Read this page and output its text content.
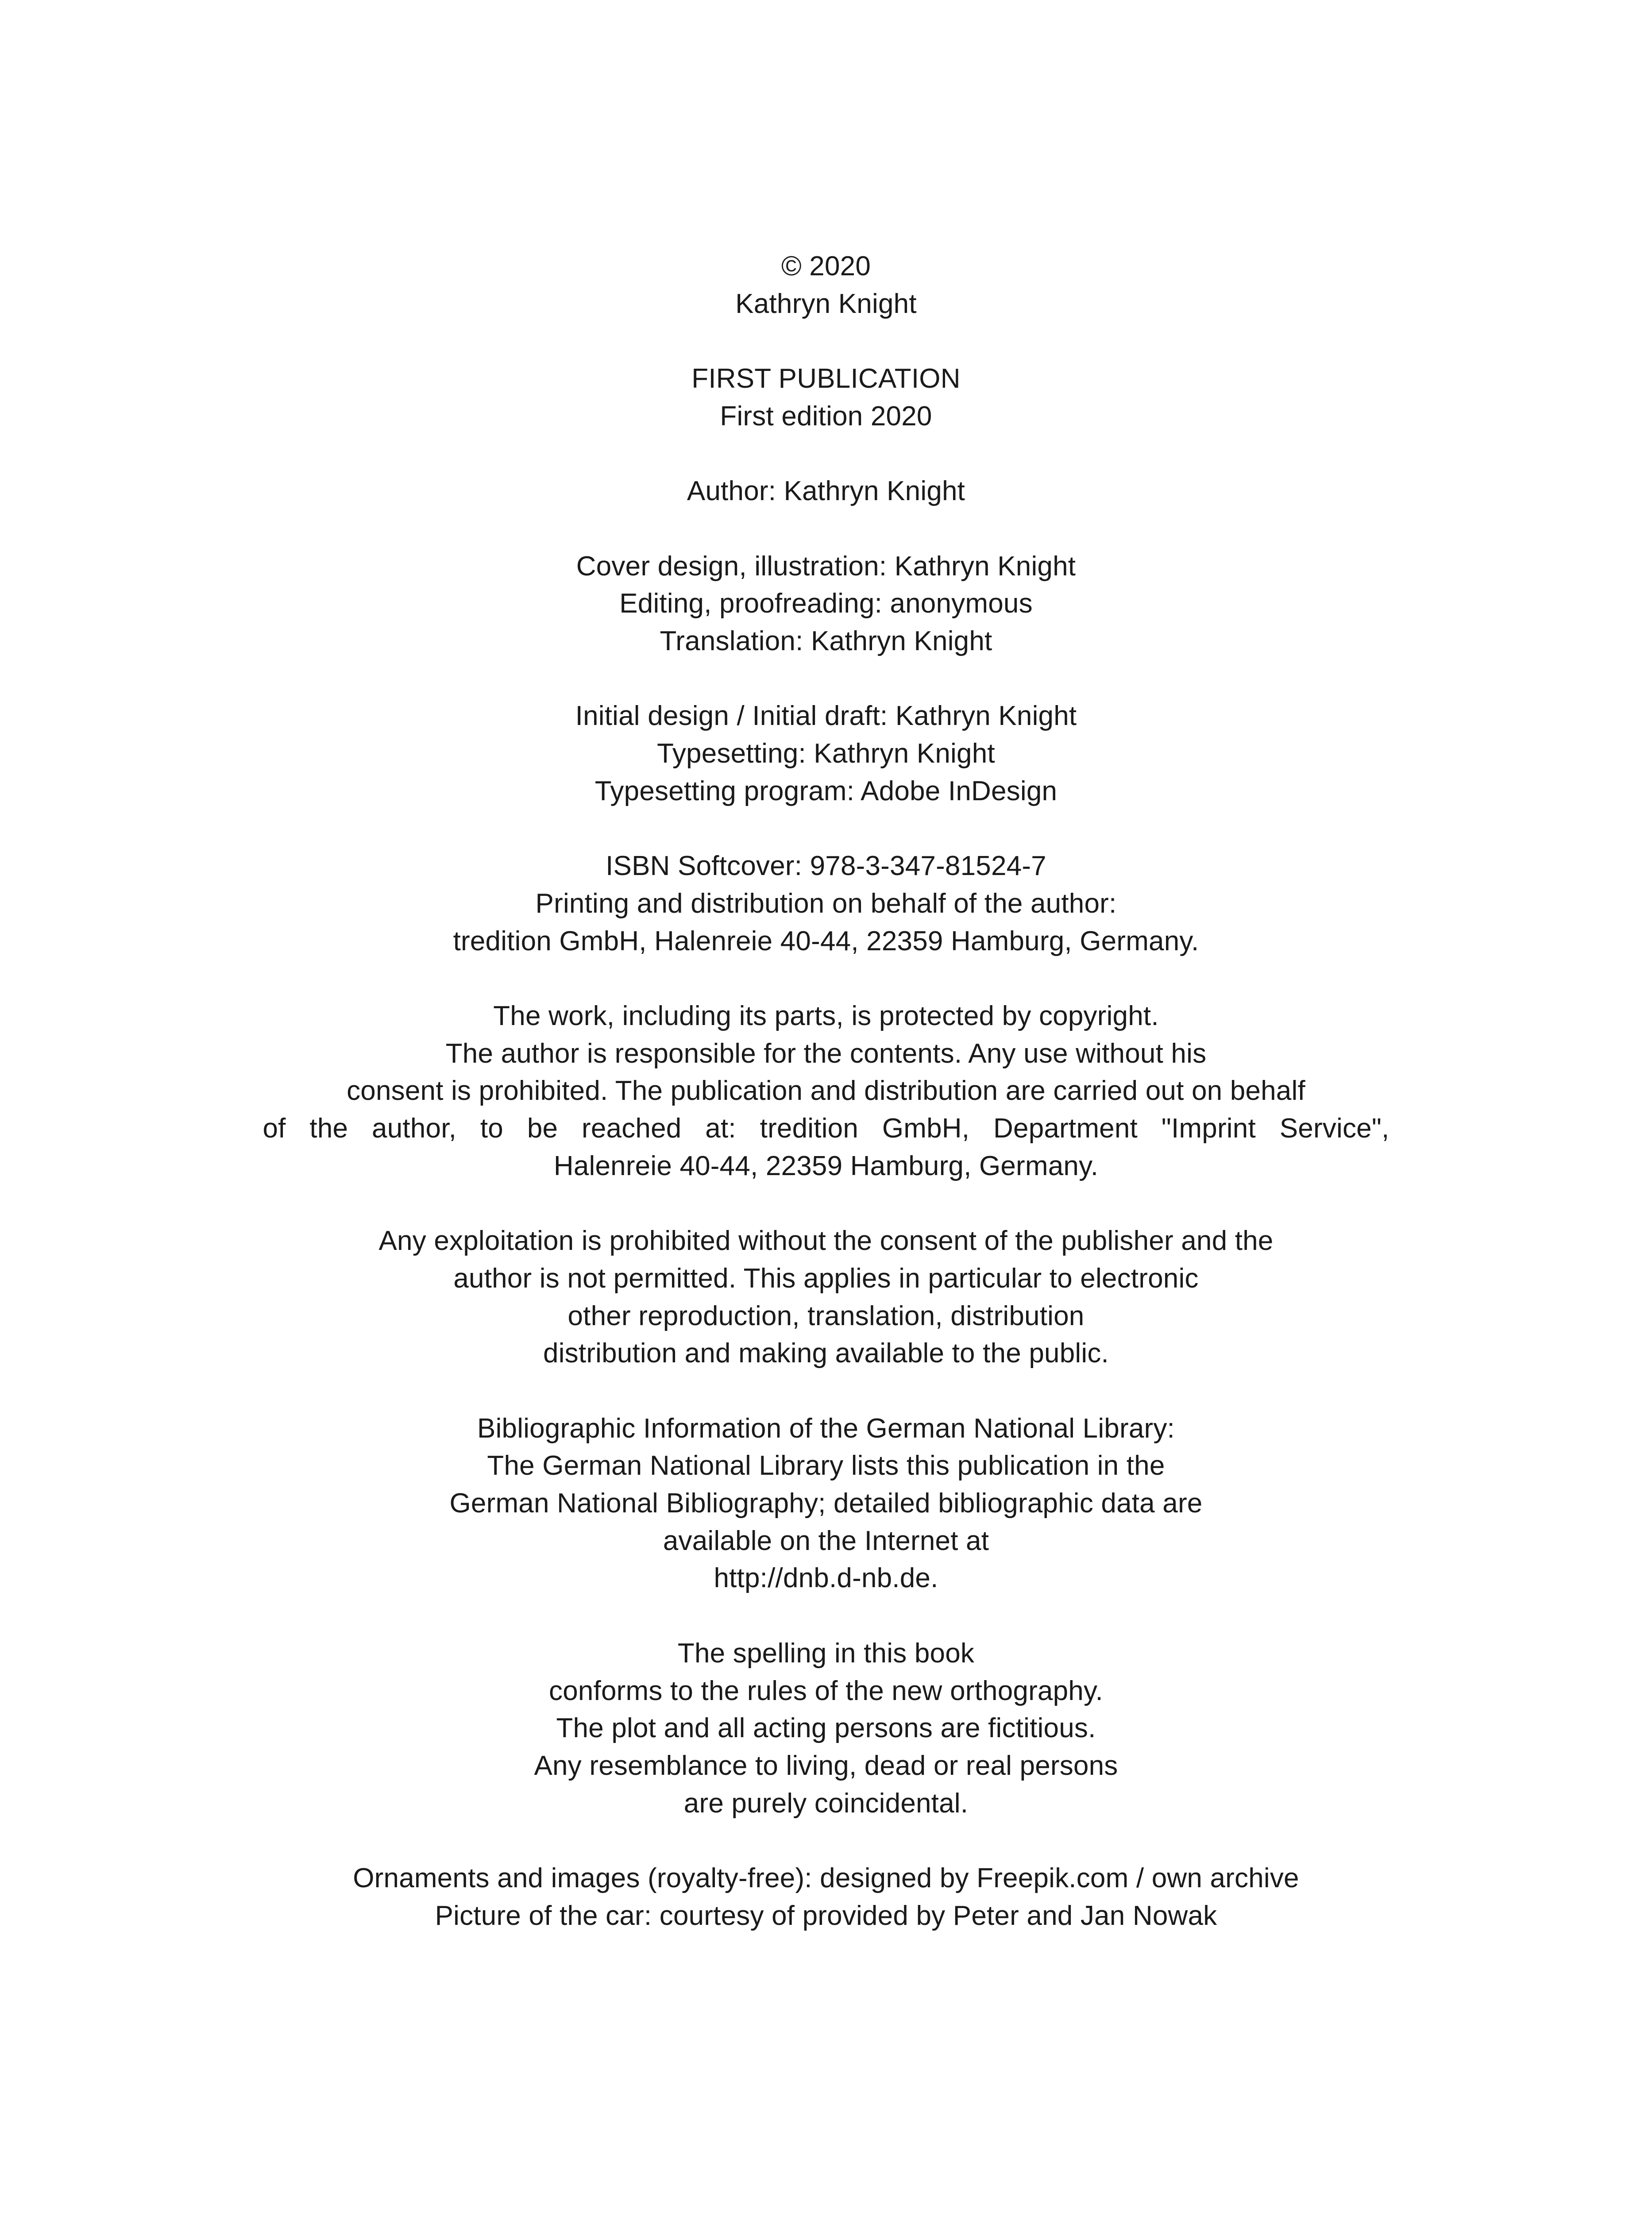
© 2020
Kathryn Knight
FIRST PUBLICATION
First edition 2020
Author: Kathryn Knight
Cover design, illustration: Kathryn Knight
Editing, proofreading: anonymous
Translation: Kathryn Knight
Initial design / Initial draft: Kathryn Knight
Typesetting: Kathryn Knight
Typesetting program: Adobe InDesign
ISBN Softcover: 978-3-347-81524-7
Printing and distribution on behalf of the author:
tredition GmbH, Halenreie 40-44, 22359 Hamburg, Germany.
The work, including its parts, is protected by copyright.
The author is responsible for the contents. Any use without his
consent is prohibited. The publication and distribution are carried out on behalf
of the author, to be reached at: tredition GmbH, Department "Imprint Service",
Halenreie 40-44, 22359 Hamburg, Germany.
Any exploitation is prohibited without the consent of the publisher and the
author is not permitted. This applies in particular to electronic
other reproduction, translation, distribution
distribution and making available to the public.
Bibliographic Information of the German National Library:
The German National Library lists this publication in the
German National Bibliography; detailed bibliographic data are
available on the Internet at
http://dnb.d-nb.de.
The spelling in this book
conforms to the rules of the new orthography.
The plot and all acting persons are fictitious.
Any resemblance to living, dead or real persons
are purely coincidental.
Ornaments and images (royalty-free): designed by Freepik.com / own archive
Picture of the car: courtesy of provided by Peter and Jan Nowak
